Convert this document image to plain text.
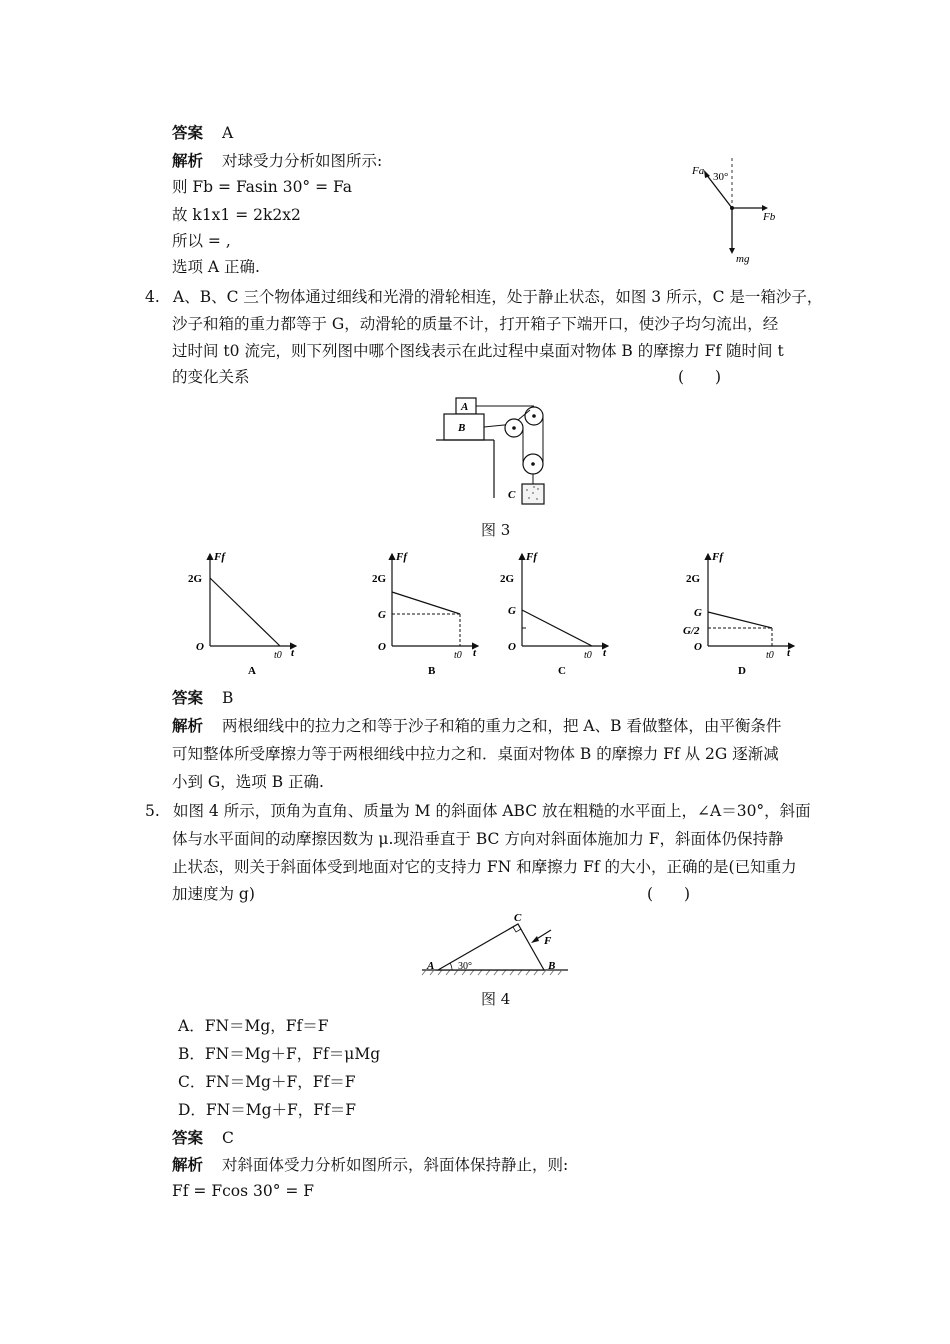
答案 A
解析 对球受力分析如图所示:
则 Fb = Fasin 30° = Fa
故 k1x1 = 2k2x2
所以 = ,
选项 A 正确.
Fa 30°
Fb
mg
4. A、B、C 三个物体通过细线和光滑的滑轮相连，处于静止状态，如图 3 所示，C 是一箱沙子，
沙子和箱的重力都等于 G，动滑轮的质量不计，打开箱子下端开口，使沙子均匀流出，经
过时间 t0 流完，则下列图中哪个图线表示在此过程中桌面对物体 B 的摩擦力 Ff 随时间 t
的变化关系	(　　)
A
B
C
图 3
Ff
2G
O
t0 t
A
Ff
2G
G
O
t0 t
B
Ff
2G
G
O
t0 t
C
Ff
2G
G
G/2
O
t0 t
D
答案 B
解析 两根细线中的拉力之和等于沙子和箱的重力之和，把 A、B 看做整体，由平衡条件
可知整体所受摩擦力等于两根细线中拉力之和．桌面对物体 B 的摩擦力 Ff 从 2G 逐渐减
小到 G，选项 B 正确.
5. 如图 4 所示，顶角为直角、质量为 M 的斜面体 ABC 放在粗糙的水平面上，∠A＝30°，斜面
体与水平面间的动摩擦因数为 μ.现沿垂直于 BC 方向对斜面体施加力 F，斜面体仍保持静
止状态，则关于斜面体受到地面对它的支持力 FN 和摩擦力 Ff 的大小，正确的是(已知重力
加速度为 g)	(　　)
C
F
A 30°	B
图 4
A．FN＝Mg，Ff＝F
B．FN＝Mg＋F，Ff＝μMg
C．FN＝Mg＋F，Ff＝F
D．FN＝Mg＋F，Ff＝F
答案 C
解析 对斜面体受力分析如图所示，斜面体保持静止，则:
Ff = Fcos 30° = F
